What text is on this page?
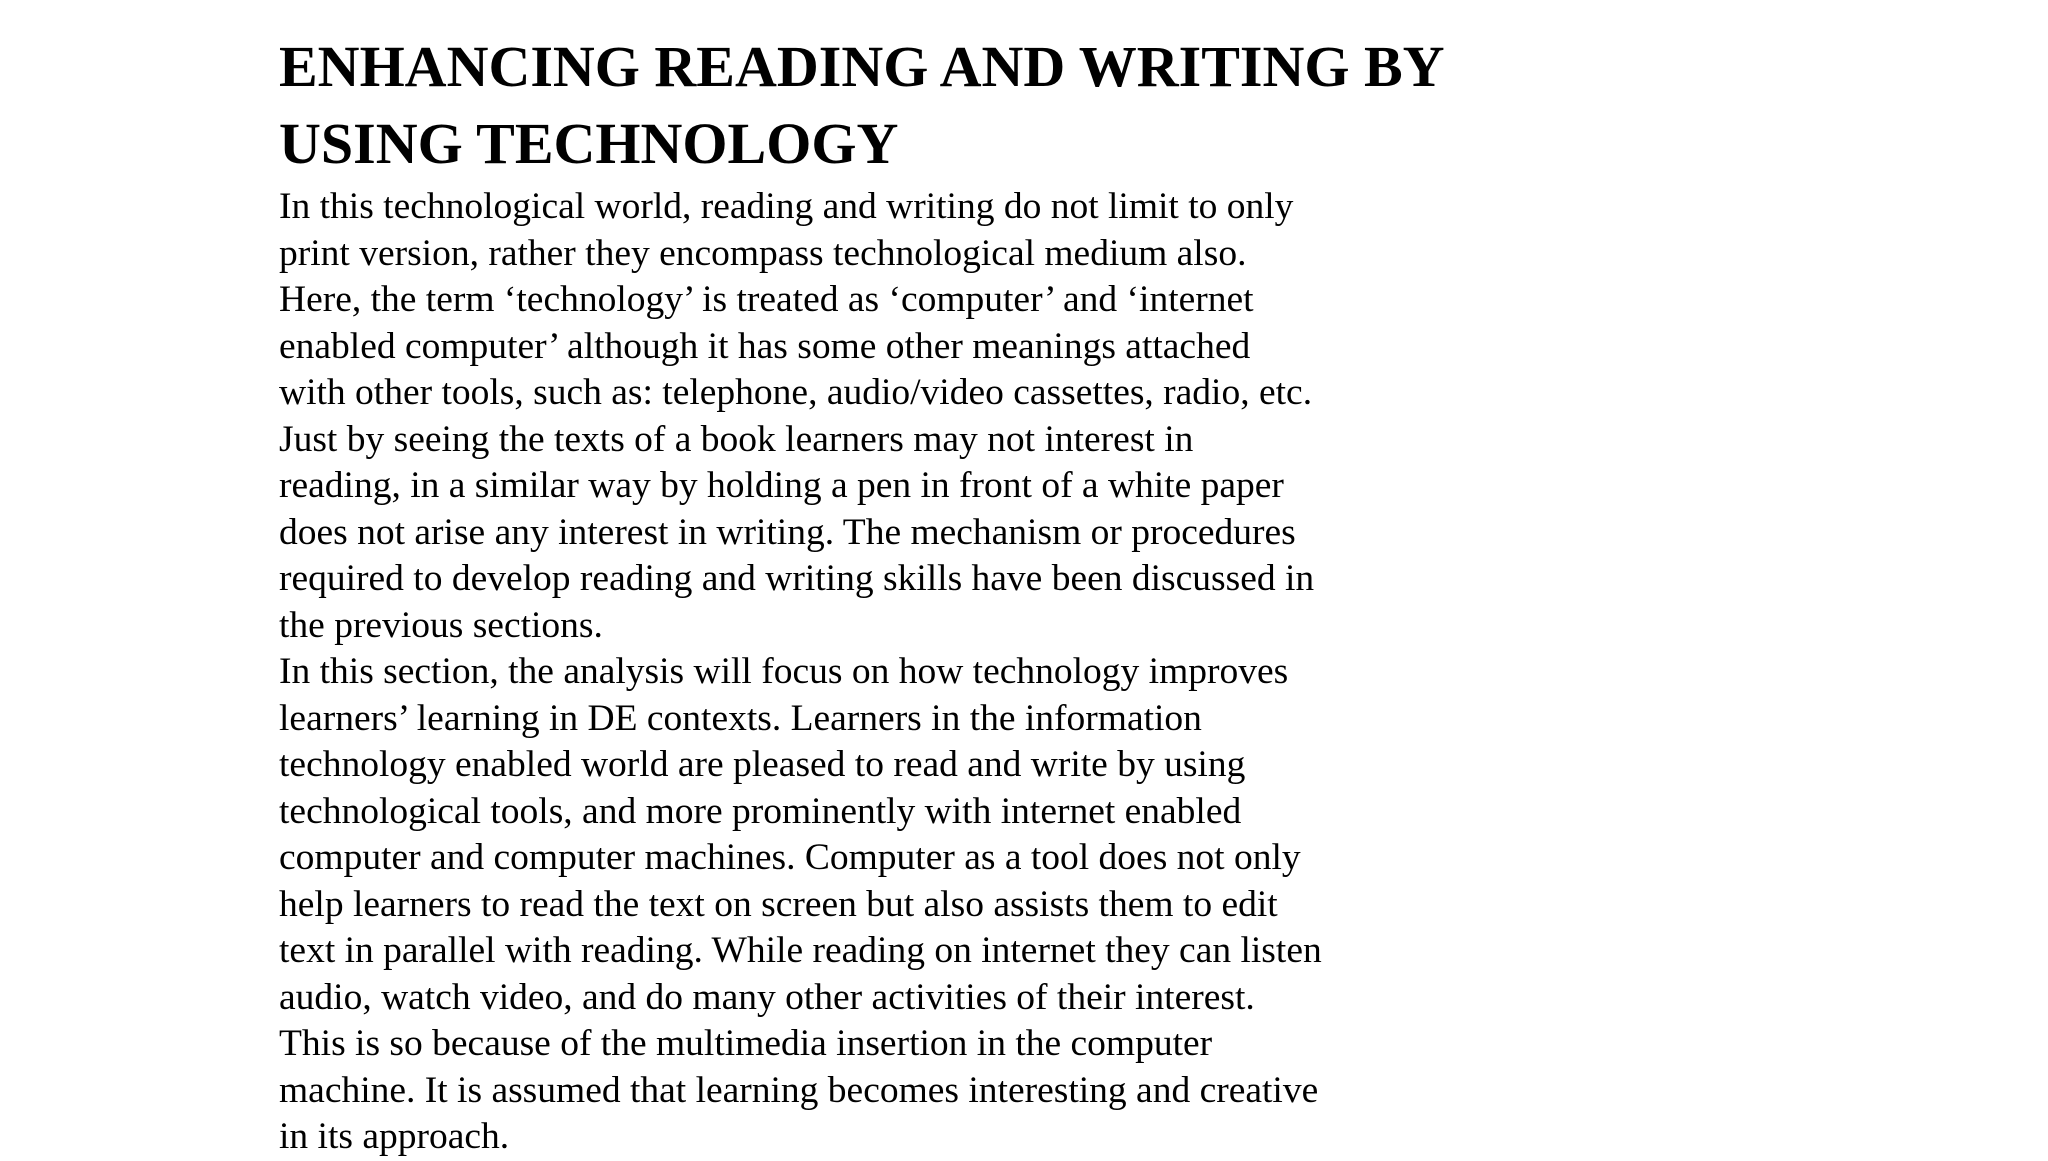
ENHANCING READING AND WRITING BY
USING TECHNOLOGY

In this technological world, reading and writing do not limit to only
print version, rather they encompass technological medium also.
Here, the term ‘technology’ is treated as ‘computer’ and ‘internet
enabled computer’ although it has some other meanings attached
with other tools, such as: telephone, audio/video cassettes, radio, etc.
Just by seeing the texts of a book learners may not interest in
reading, in a similar way by holding a pen in front of a white paper
does not arise any interest in writing. The mechanism or procedures
required to develop reading and writing skills have been discussed in
the previous sections.

In this section, the analysis will focus on how technology improves
learners’ learning in DE contexts. Learners in the information
technology enabled world are pleased to read and write by using
technological tools, and more prominently with internet enabled
computer and computer machines. Computer as a tool does not only
help learners to read the text on screen but also assists them to edit
text in parallel with reading. While reading on internet they can listen
audio, watch video, and do many other activities of their interest.
This is so because of the multimedia insertion in the computer
machine. It is assumed that learning becomes interesting and creative
in its approach.
